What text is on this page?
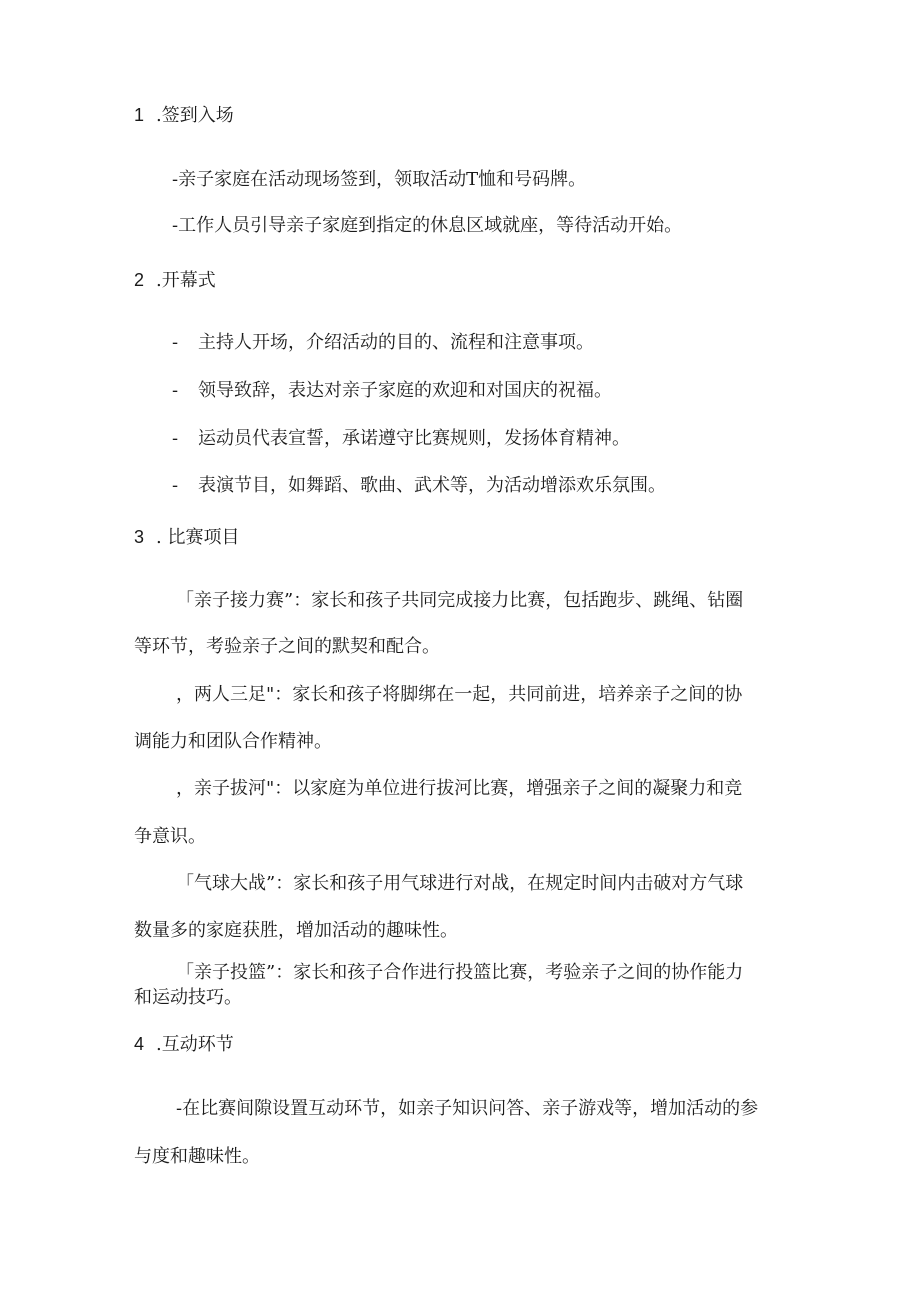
1 .签到入场
-亲子家庭在活动现场签到，领取活动T恤和号码牌。
-工作人员引导亲子家庭到指定的休息区域就座，等待活动开始。
2 .开幕式
- 主持人开场，介绍活动的目的、流程和注意事项。
- 领导致辞，表达对亲子家庭的欢迎和对国庆的祝福。
- 运动员代表宣誓，承诺遵守比赛规则，发扬体育精神。
- 表演节目，如舞蹈、歌曲、武术等，为活动增添欢乐氛围。
3 . 比赛项目
「亲子接力赛”：家长和孩子共同完成接力比赛，包括跑步、跳绳、钻圈
等环节，考验亲子之间的默契和配合。
，两人三足"：家长和孩子将脚绑在一起，共同前进，培养亲子之间的协
调能力和团队合作精神。
，亲子拔河"：以家庭为单位进行拔河比赛，增强亲子之间的凝聚力和竞
争意识。
「气球大战”：家长和孩子用气球进行对战，在规定时间内击破对方气球
数量多的家庭获胜，增加活动的趣味性。
「亲子投篮”：家长和孩子合作进行投篮比赛，考验亲子之间的协作能力
和运动技巧。
4 .互动环节
-在比赛间隙设置互动环节，如亲子知识问答、亲子游戏等，增加活动的参
与度和趣味性。
